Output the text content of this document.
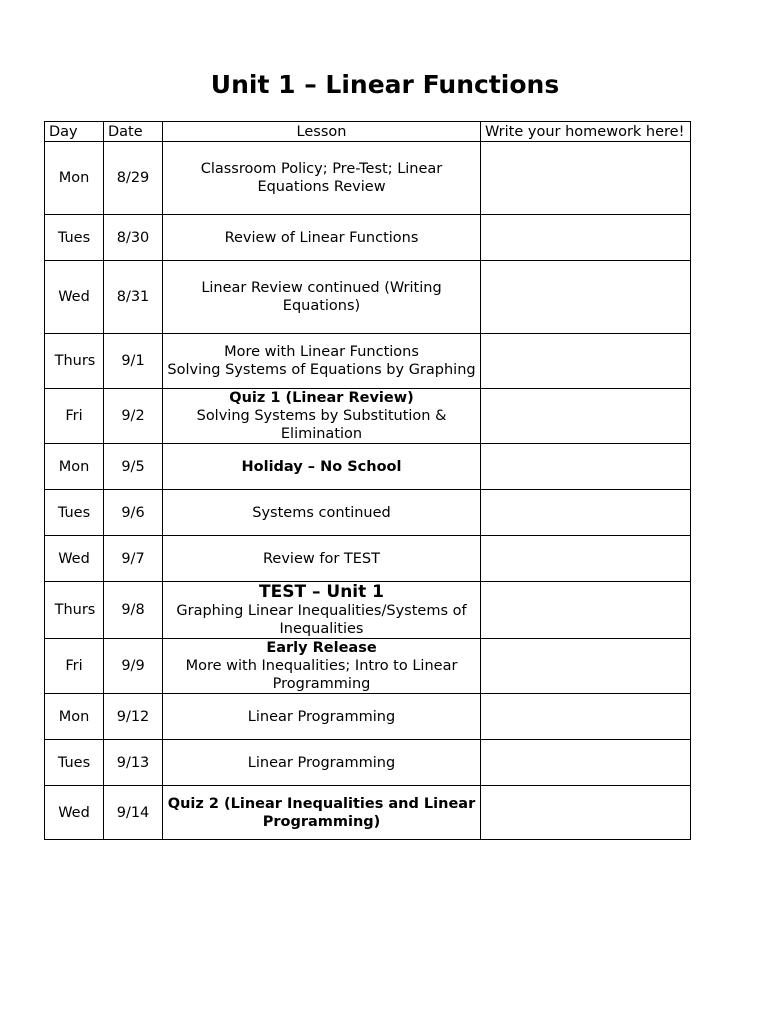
Unit 1 – Linear Functions
Day	Date	Lesson	Write your homework here!
Mon	8/29	Classroom Policy; Pre-Test; Linear Equations Review	

Tues	8/30	Review of Linear Functions	

Wed	8/31	Linear Review continued (Writing Equations)	

Thurs	9/1	More with Linear Functions
Solving Systems of Equations by Graphing	

Fri	9/2	Quiz 1 (Linear Review)
Solving Systems by Substitution & Elimination	

Mon	9/5	Holiday – No School	

Tues	9/6	Systems continued	

Wed	9/7	Review for TEST	

Thurs	9/8	TEST – Unit 1
Graphing Linear Inequalities/Systems of Inequalities	

Fri	9/9	Early Release
More with Inequalities; Intro to Linear Programming	

Mon	9/12	Linear Programming	

Tues	9/13	Linear Programming	

Wed	9/14	Quiz 2 (Linear Inequalities and Linear Programming)	
